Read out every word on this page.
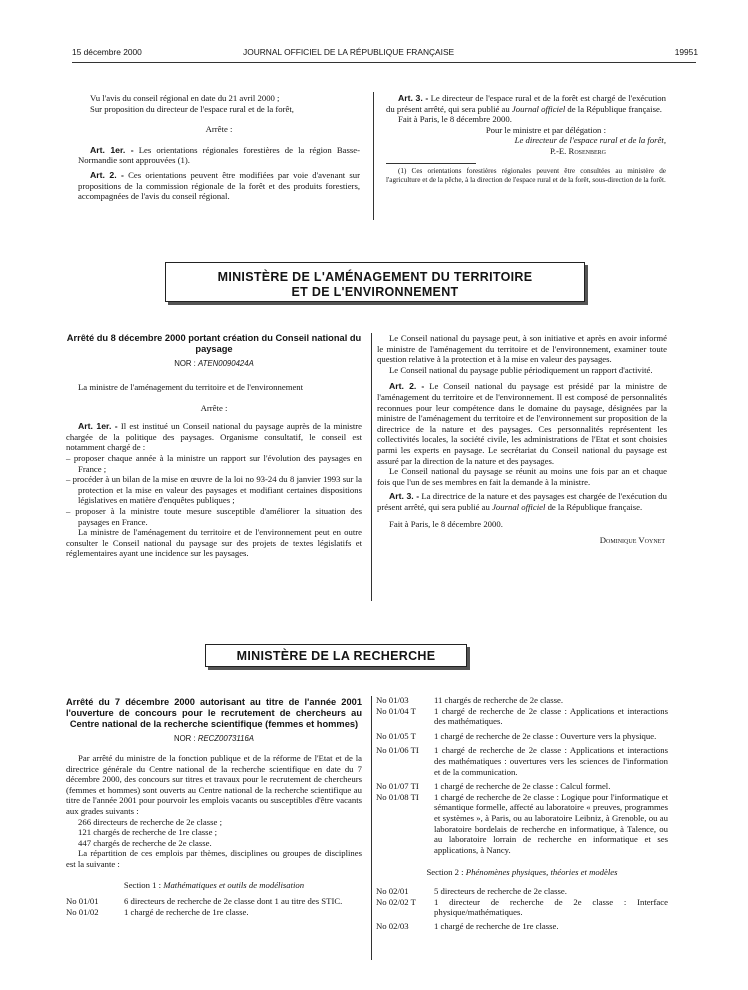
15 décembre 2000	JOURNAL OFFICIEL DE LA RÉPUBLIQUE FRANÇAISE	19951

Vu l'avis du conseil régional en date du 21 avril 2000 ;

Sur proposition du directeur de l'espace rural et de la forêt,

Arrête :

Art. 1er. - Les orientations régionales forestières de la région Basse-Normandie sont approuvées (1).

Art. 2. - Ces orientations peuvent être modifiées par voie d'avenant sur propositions de la commission régionale de la forêt et des produits forestiers, accompagnées de l'avis du conseil régional.

Art. 3. - Le directeur de l'espace rural et de la forêt est chargé de l'exécution du présent arrêté, qui sera publié au Journal officiel de la République française.

Fait à Paris, le 8 décembre 2000.

Pour le ministre et par délégation :

Le directeur de l'espace rural et de la forêt,

P.-E. Rosenberg

(1) Ces orientations forestières régionales peuvent être consultées au ministère de l'agriculture et de la pêche, à la direction de l'espace rural et de la forêt, sous-direction de la forêt.

MINISTÈRE DE L'AMÉNAGEMENT DU TERRITOIRE
ET DE L'ENVIRONNEMENT

Arrêté du 8 décembre 2000 portant création du Conseil national du paysage

NOR : ATEN0090424A

La ministre de l'aménagement du territoire et de l'environnement

Arrête :

Art. 1er. - Il est institué un Conseil national du paysage auprès de la ministre chargée de la politique des paysages. Organisme consultatif, le conseil est notamment chargé de :

– proposer chaque année à la ministre un rapport sur l'évolution des paysages en France ;

– procéder à un bilan de la mise en œuvre de la loi no 93-24 du 8 janvier 1993 sur la protection et la mise en valeur des paysages et modifiant certaines dispositions législatives en matière d'enquêtes publiques ;

– proposer à la ministre toute mesure susceptible d'améliorer la situation des paysages en France.

La ministre de l'aménagement du territoire et de l'environnement peut en outre consulter le Conseil national du paysage sur des projets de textes législatifs et réglementaires ayant une incidence sur les paysages.

Le Conseil national du paysage peut, à son initiative et après en avoir informé le ministre de l'aménagement du territoire et de l'environnement, examiner toute question relative à la protection et à la mise en valeur des paysages.

Le Conseil national du paysage publie périodiquement un rapport d'activité.

Art. 2. - Le Conseil national du paysage est présidé par la ministre de l'aménagement du territoire et de l'environnement. Il est composé de personnalités reconnues pour leur compétence dans le domaine du paysage, désignées par la ministre de l'aménagement du territoire et de l'environnement sur proposition de la directrice de la nature et des paysages. Ces personnalités représentent les collectivités locales, la société civile, les administrations de l'Etat et sont choisies parmi les experts en paysage. Le secrétariat du Conseil national du paysage est assuré par la direction de la nature et des paysages.

Le Conseil national du paysage se réunit au moins une fois par an et chaque fois que l'un de ses membres en fait la demande à la ministre.

Art. 3. - La directrice de la nature et des paysages est chargée de l'exécution du présent arrêté, qui sera publié au Journal officiel de la République française.

Fait à Paris, le 8 décembre 2000.

Dominique Voynet

MINISTÈRE DE LA RECHERCHE

Arrêté du 7 décembre 2000 autorisant au titre de l'année 2001 l'ouverture de concours pour le recrutement de chercheurs au Centre national de la recherche scientifique (femmes et hommes)

NOR : RECZ0073116A

Par arrêté du ministre de la fonction publique et de la réforme de l'Etat et de la directrice générale du Centre national de la recherche scientifique en date du 7 décembre 2000, des concours sur titres et travaux pour le recrutement de chercheurs (femmes et hommes) sont ouverts au Centre national de la recherche scientifique au titre de l'année 2001 pour pourvoir les emplois vacants ou susceptibles d'être vacants aux grades suivants :

266 directeurs de recherche de 2e classe ;

121 chargés de recherche de 1re classe ;

447 chargés de recherche de 2e classe.

La répartition de ces emplois par thèmes, disciplines ou groupes de disciplines est la suivante :

Section 1 : Mathématiques et outils de modélisation

No 01/01	6 directeurs de recherche de 2e classe dont 1 au titre des STIC.
No 01/02	1 chargé de recherche de 1re classe.
No 01/03	11 chargés de recherche de 2e classe.
No 01/04 T	1 chargé de recherche de 2e classe : Applications et interactions des mathématiques.
No 01/05 T	1 chargé de recherche de 2e classe : Ouverture vers la physique.
No 01/06 TI	1 chargé de recherche de 2e classe : Applications et interactions des mathématiques : ouvertures vers les sciences de l'information et de la communication.
No 01/07 TI	1 chargé de recherche de 2e classe : Calcul formel.
No 01/08 TI	1 chargé de recherche de 2e classe : Logique pour l'informatique et sémantique formelle, affecté au laboratoire « preuves, programmes et systèmes », à Paris, ou au laboratoire Leibniz, à Grenoble, ou au laboratoire bordelais de recherche en informatique, à Talence, ou au laboratoire lorrain de recherche en informatique et ses applications, à Nancy.

Section 2 : Phénomènes physiques, théories et modèles

No 02/01	5 directeurs de recherche de 2e classe.
No 02/02 T	1 directeur de recherche de 2e classe : Interface physique/mathématiques.
No 02/03	1 chargé de recherche de 1re classe.
